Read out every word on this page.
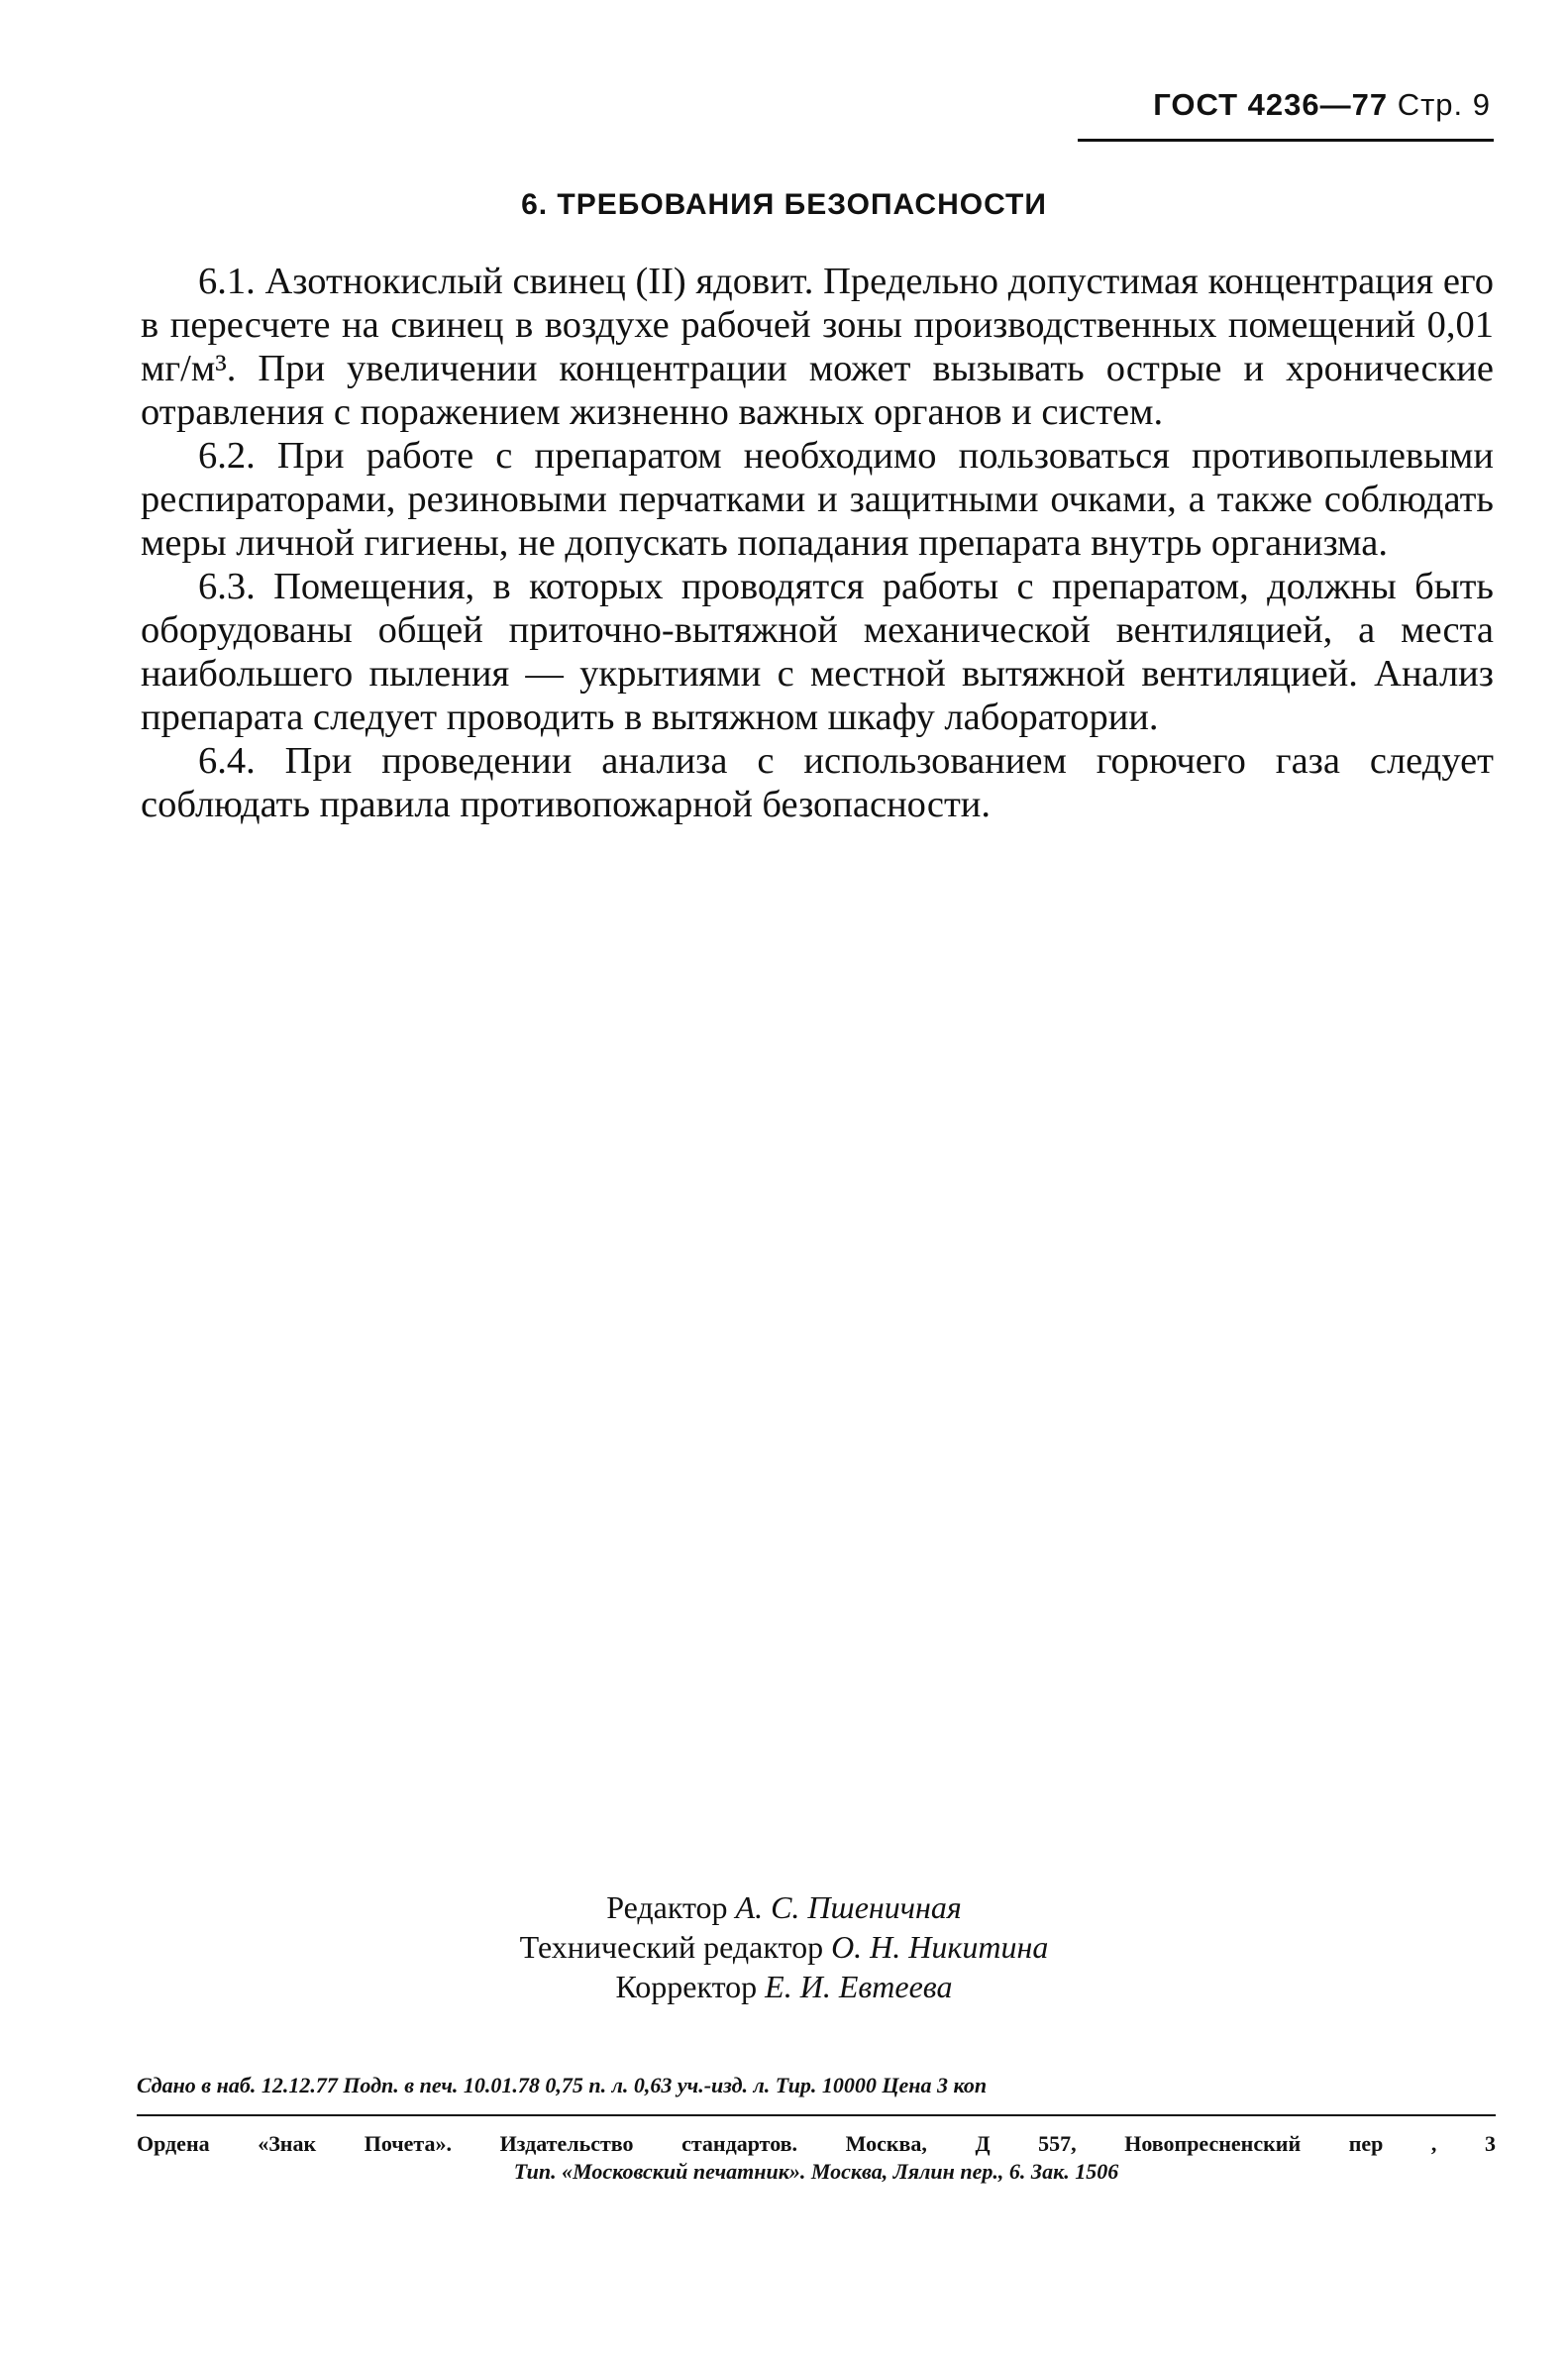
ГОСТ 4236—77 Стр. 9
6. ТРЕБОВАНИЯ БЕЗОПАСНОСТИ

6.1. Азотнокислый свинец (II) ядовит. Предельно допустимая концентрация его в пересчете на свинец в воздухе рабочей зоны производственных помещений 0,01 мг/м³. При увеличении концентрации может вызывать острые и хронические отравления с поражением жизненно важных органов и систем.

6.2. При работе с препаратом необходимо пользоваться противопылевыми респираторами, резиновыми перчатками и защитными очками, а также соблюдать меры личной гигиены, не допускать попадания препарата внутрь организма.

6.3. Помещения, в которых проводятся работы с препаратом, должны быть оборудованы общей приточно-вытяжной механической вентиляцией, а места наибольшего пыления — укрытиями с местной вытяжной вентиляцией. Анализ препарата следует проводить в вытяжном шкафу лаборатории.

6.4. При проведении анализа с использованием горючего газа следует соблюдать правила противопожарной безопасности.

Редактор А. С. Пшеничная
Технический редактор О. Н. Никитина
Корректор Е. И. Евтеева
Сдано в наб. 12.12.77 Подп. в печ. 10.01.78 0,75 п. л. 0,63 уч.-изд. л. Тир. 10000 Цена 3 коп
Ордена «Знак Почета». Издательство стандартов. Москва, Д 557, Новопресненский пер , 3
Тип. «Московский печатник». Москва, Лялин пер., 6. Зак. 1506
